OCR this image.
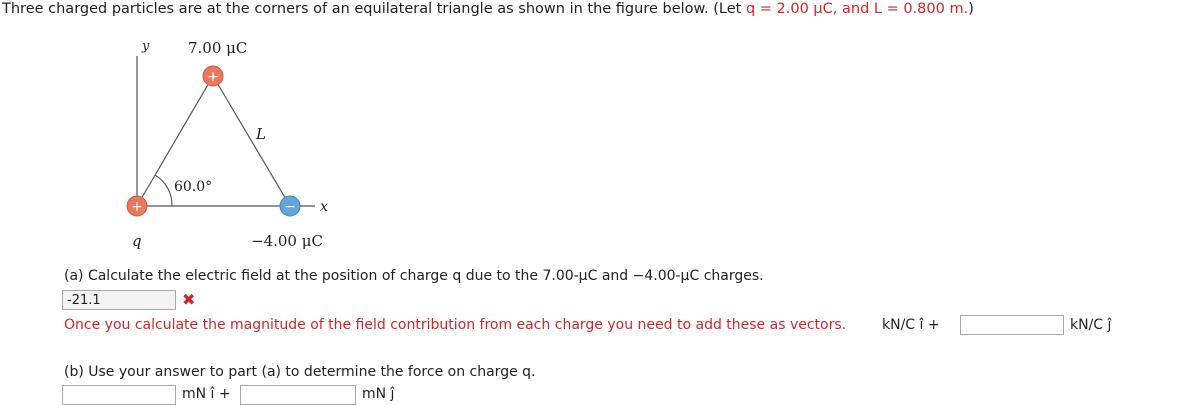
Three charged particles are at the corners of an equilateral triangle as shown in the figure below. (Let q = 2.00 μC, and L = 0.800 m.)
+
+	−
y	7.00 μC
L
60.0°
x
−4.00 μC
q
(a) Calculate the electric field at the position of charge q due to the 7.00-μC and −4.00-μC charges.
-21.1
✖
Once you calculate the magnitude of the field contribution from each charge you need to add these as vectors.	kN/C î +	kN/C ĵ
(b) Use your answer to part (a) to determine the force on charge q.
mN î +	mN ĵ
